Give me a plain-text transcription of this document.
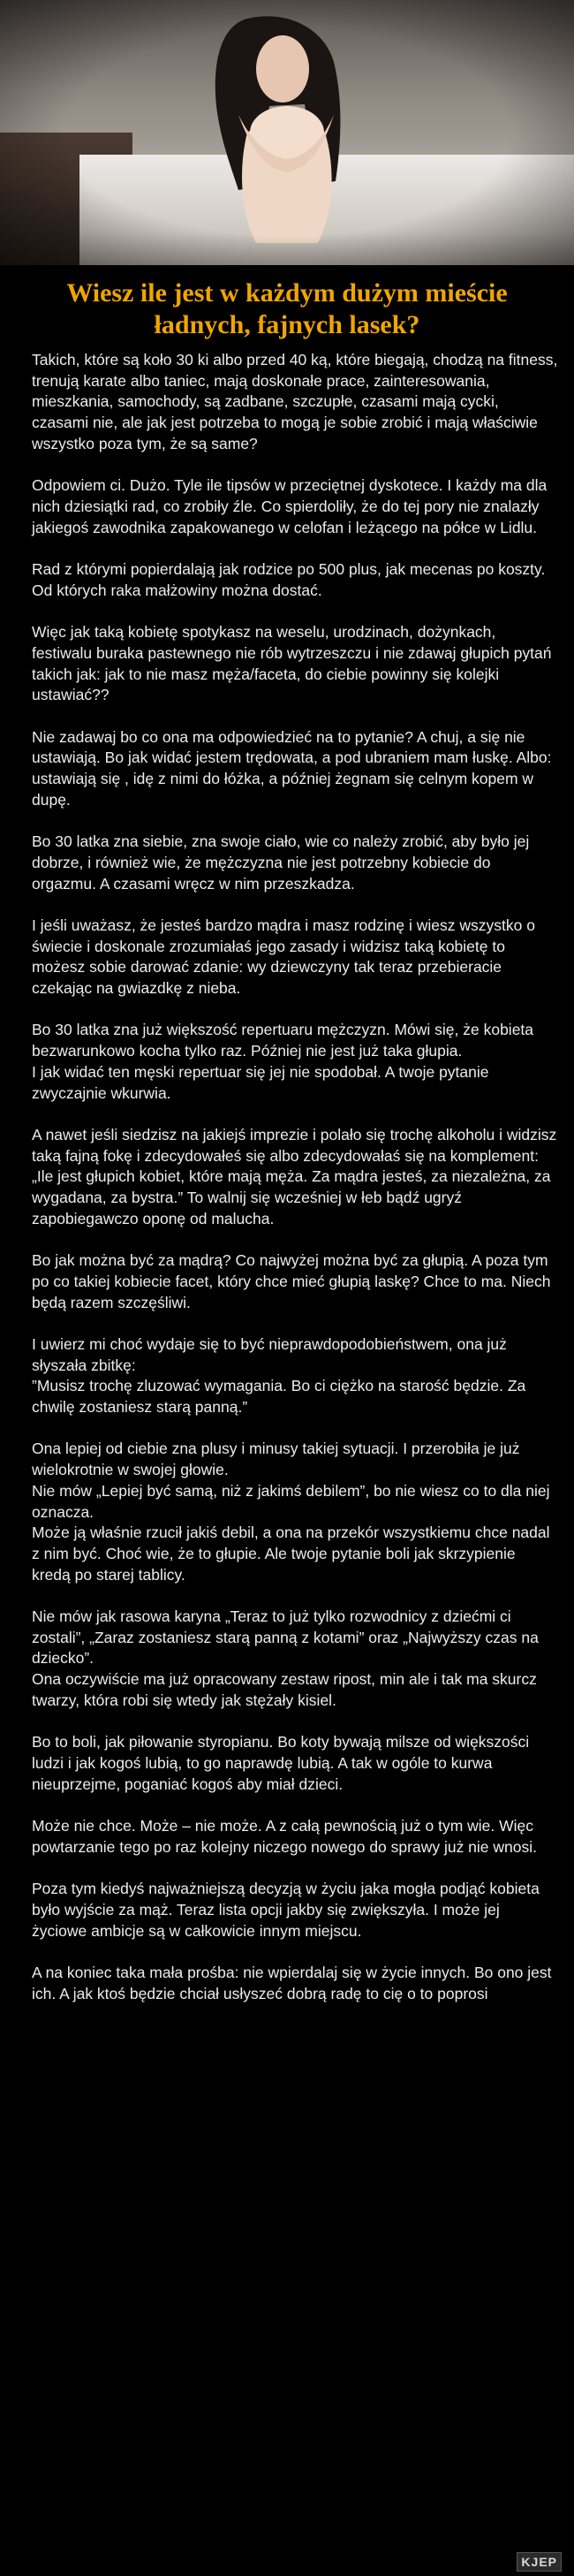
Wiesz ile jest w każdym dużym mieście ładnych, fajnych lasek?

Takich, które są koło 30 ki albo przed 40 ką, które biegają, chodzą na fitness, trenują karate albo taniec, mają doskonałe prace, zainteresowania, mieszkania, samochody, są zadbane, szczupłe, czasami mają cycki, czasami nie, ale jak jest potrzeba to mogą je sobie zrobić i mają właściwie wszystko poza tym, że są same?

Odpowiem ci. Dużo. Tyle ile tipsów w przeciętnej dyskotece. I każdy ma dla nich dziesiątki rad, co zrobiły źle. Co spierdoliły, że do tej pory nie znalazły jakiegoś zawodnika zapakowanego w celofan i leżącego na półce w Lidlu.

Rad z którymi popierdalają jak rodzice po 500 plus, jak mecenas po koszty. Od których raka małżowiny można dostać.

Więc jak taką kobietę spotykasz na weselu, urodzinach, dożynkach, festiwalu buraka pastewnego nie rób wytrzeszczu i nie zdawaj głupich pytań takich jak: jak to nie masz męża/faceta, do ciebie powinny się kolejki ustawiać??

Nie zadawaj bo co ona ma odpowiedzieć na to pytanie? A chuj, a się nie ustawiają. Bo jak widać jestem trędowata, a pod ubraniem mam łuskę. Albo: ustawiają się , idę z nimi do łóżka, a później żegnam się celnym kopem w dupę.

Bo 30 latka zna siebie, zna swoje ciało, wie co należy zrobić, aby było jej dobrze, i również wie, że mężczyzna nie jest potrzebny kobiecie do orgazmu. A czasami wręcz w nim przeszkadza.

I jeśli uważasz, że jesteś bardzo mądra i masz rodzinę i wiesz wszystko o świecie i doskonale zrozumiałaś jego zasady i widzisz taką kobietę to możesz sobie darować zdanie: wy dziewczyny tak teraz przebieracie czekając na gwiazdkę z nieba.

Bo 30 latka zna już większość repertuaru mężczyzn. Mówi się, że kobieta bezwarunkowo kocha tylko raz. Później nie jest już taka głupia.
I jak widać ten męski repertuar się jej nie spodobał. A twoje pytanie zwyczajnie wkurwia.

A nawet jeśli siedzisz na jakiejś imprezie i polało się trochę alkoholu i widzisz taką fajną fokę i zdecydowałeś się albo zdecydowałaś się na komplement: „Ile jest głupich kobiet, które mają męża. Za mądra jesteś, za niezależna, za wygadana, za bystra.” To walnij się wcześniej w łeb bądź ugryź zapobiegawczo oponę od malucha.

Bo jak można być za mądrą? Co najwyżej można być za głupią. A poza tym po co takiej kobiecie facet, który chce mieć głupią laskę? Chce to ma. Niech będą razem szczęśliwi.

I uwierz mi choć wydaje się to być nieprawdopodobieństwem, ona już słyszała zbitkę:
”Musisz trochę zluzować wymagania. Bo ci ciężko na starość będzie. Za chwilę zostaniesz starą panną.”

Ona lepiej od ciebie zna plusy i minusy takiej sytuacji. I przerobiła je już wielokrotnie w swojej głowie.
Nie mów „Lepiej być samą, niż z jakimś debilem”, bo nie wiesz co to dla niej oznacza.
Może ją właśnie rzucił jakiś debil, a ona na przekór wszystkiemu chce nadal z nim być. Choć wie, że to głupie. Ale twoje pytanie boli jak skrzypienie kredą po starej tablicy.

Nie mów jak rasowa karyna „Teraz to już tylko rozwodnicy z dziećmi ci zostali”, „Zaraz zostaniesz starą panną z kotami” oraz „Najwyższy czas na dziecko”.
Ona oczywiście ma już opracowany zestaw ripost, min ale i tak ma skurcz twarzy, która robi się wtedy jak stężały kisiel.

Bo to boli, jak piłowanie styropianu. Bo koty bywają milsze od większości ludzi i jak kogoś lubią, to go naprawdę lubią. A tak w ogóle to kurwa nieuprzejme, poganiać kogoś aby miał dzieci.

Może nie chce. Może – nie może. A z całą pewnością już o tym wie. Więc powtarzanie tego po raz kolejny niczego nowego do sprawy już nie wnosi.

Poza tym kiedyś najważniejszą decyzją w życiu jaka mogła podjąć kobieta było wyjście za mąż. Teraz lista opcji jakby się zwiększyła. I może jej życiowe ambicje są w całkowicie innym miejscu.

A na koniec taka mała prośba: nie wpierdalaj się w życie innych. Bo ono jest ich. A jak ktoś będzie chciał usłyszeć dobrą radę to cię o to poprosi

KJEP
